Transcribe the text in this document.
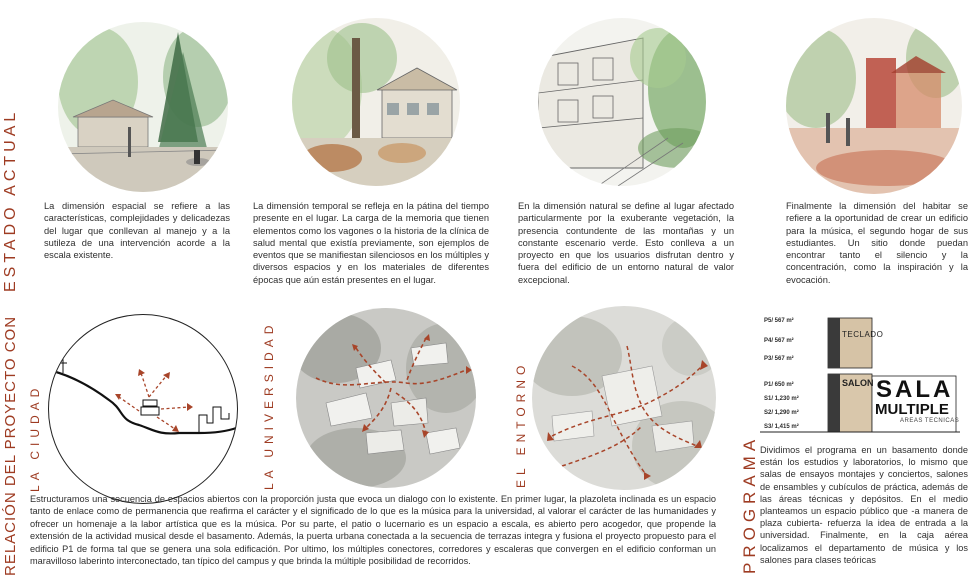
ESTADO ACTUAL
RELACIÓN DEL PROYECTO CON LA CIUDAD	LA UNIVERSIDAD	EL ENTORNO
PROGRAMA
La dimensión espacial se refiere a las características, complejidades y delicadezas del lugar que conllevan al manejo y a la sutileza de una intervención acorde a la escala existente.
La dimensión temporal se refleja en la pátina del tiempo presente en el lugar. La carga de la memoria que tienen elementos como los vagones o la historia de la clínica de salud mental que existía previamente, son ejemplos de eventos que se manifiestan silenciosos en los múltiples y diversos espacios y en los materiales de diferentes épocas que aún están presentes en el lugar.
En la dimensión natural se define al lugar afectado particularmente por la exuberante vegetación, la presencia contundente de las montañas y un constante escenario verde. Esto conlleva a un proyecto en que los usuarios disfrutan dentro y fuera del edificio de un entorno natural de valor excepcional.
Finalmente la dimensión del habitar se refiere a la oportunidad de crear un edificio para la música, el segundo hogar de sus estudiantes. Un sitio donde puedan encontrar tanto el silencio y la concentración, como la inspiración y la evocación.
P5/ 567 m²
P4/ 567 m²
P3/ 567 m²
P1/ 650 m²
S1/ 1,230 m²
S2/ 1,290 m²
S3/ 1,415 m²
TECLADO
SALON SALA
MULTIPLE
AREAS TECNICAS
Estructuramos una secuencia de espacios abiertos con la proporción justa que evoca un dialogo con lo existente. En primer lugar, la plazoleta inclinada es un espacio tanto de enlace como de permanencia que reafirma el carácter y el significado de lo que es la música para la universidad, al valorar el carácter de las humanidades y ofrecer un homenaje a la labor artística que es la música. Por su parte, el patio o lucernario es un espacio a escala, es abierto pero acogedor, que propende la extensión de la actividad musical desde el basamento. Además, la puerta urbana conectada a la secuencia de terrazas integra y fusiona el proyecto propuesto para el edificio P1 de forma tal que se genera una sola edificación. Por ultimo, los múltiples conectores, corredores y escaleras que convergen en el edificio conforman un maravilloso laberinto interconectado, tan típico del campus y que brinda la múltiple posibilidad de recorridos.
Dividimos el programa en un basamento donde están los estudios y laboratorios, lo mismo que salas de ensayos montajes y conciertos, salones de ensambles y cubículos de práctica, además de las áreas técnicas y depósitos. En el medio planteamos un espacio público que -a manera de plaza cubierta- refuerza la idea de entrada a la universidad. Finalmente, en la caja aérea localizamos el departamento de música y los salones para clases teóricas
